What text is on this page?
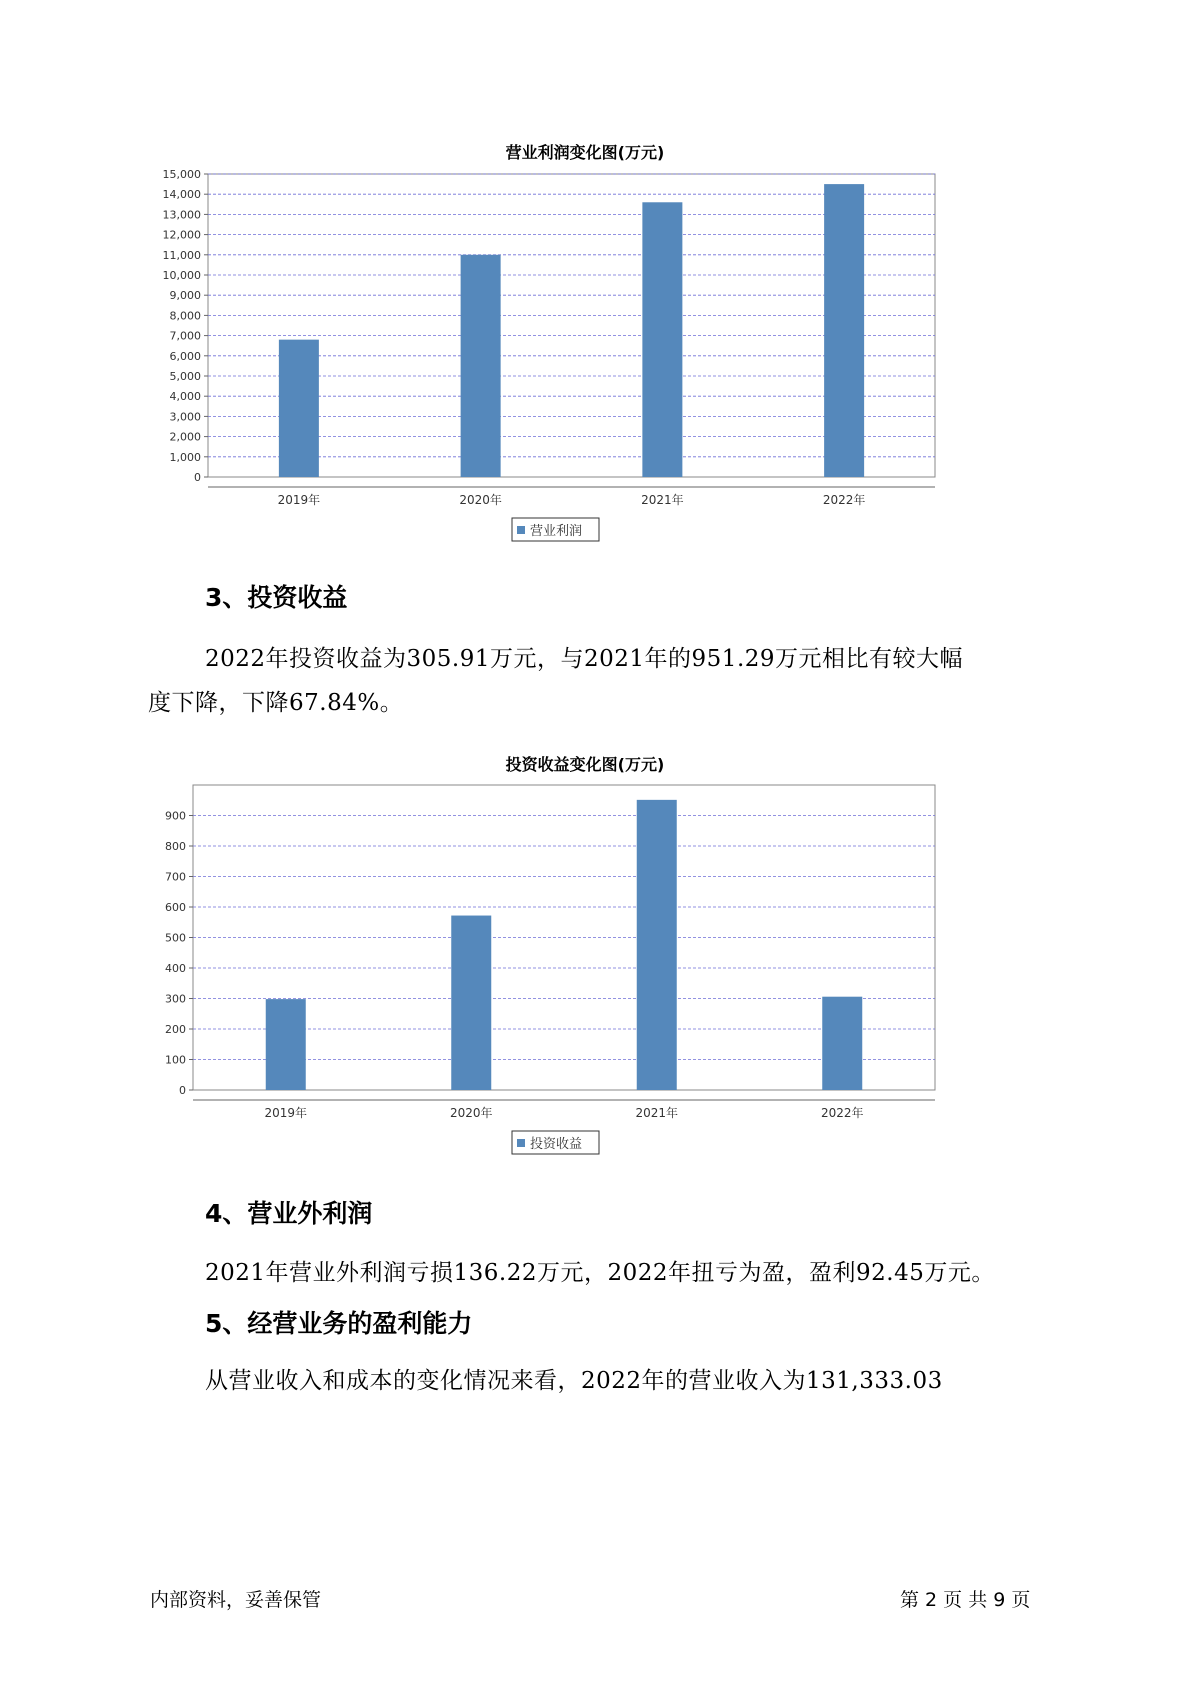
营业利润变化图(万元)
0
1,000
2,000
3,000
4,000
5,000
6,000
7,000
8,000
9,000
10,000
11,000
12,000
13,000
14,000
15,000
2019年	2020年	2021年	2022年
营业利润
3、投资收益
2022年投资收益为305.91万元，与2021年的951.29万元相比有较大幅
度下降，下降67.84%。
投资收益变化图(万元)
0
100
200
300
400
500
600
700
800
900
2019年	2020年	2021年	2022年
投资收益
4、营业外利润
2021年营业外利润亏损136.22万元，2022年扭亏为盈，盈利92.45万元。
5、经营业务的盈利能力
从营业收入和成本的变化情况来看，2022年的营业收入为131,333.03
内部资料，妥善保管	第 2 页 共 9 页
